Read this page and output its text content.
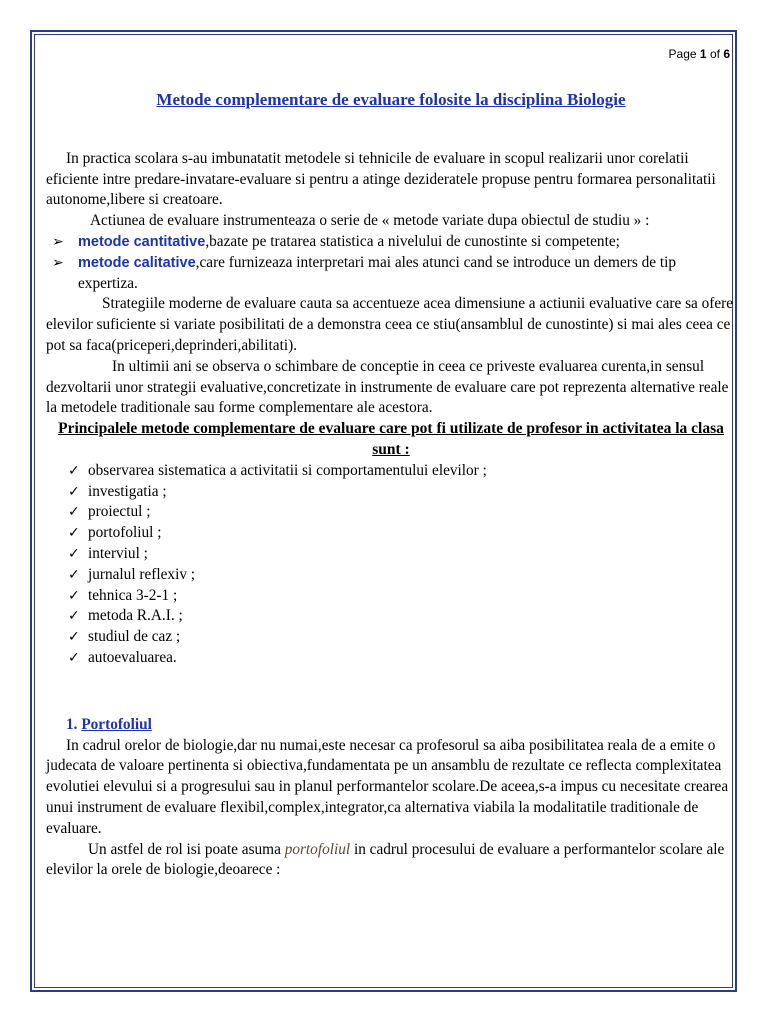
Page 1 of 6
Metode complementare de evaluare folosite la disciplina Biologie

In practica scolara s-au imbunatatit metodele si tehnicile de evaluare in scopul realizarii unor corelatii eficiente intre predare-invatare-evaluare si pentru a atinge dezideratele propuse pentru formarea personalitatii autonome,libere si creatoare.

Actiunea de evaluare instrumenteaza o serie de « metode variate dupa obiectul de studiu » :

➢ metode cantitative,bazate pe tratarea statistica a nivelului de cunostinte si competente;
➢ metode calitative,care furnizeaza interpretari mai ales atunci cand se introduce un demers de tip expertiza.

Strategiile moderne de evaluare cauta sa accentueze acea dimensiune a actiunii evaluative care sa ofere elevilor suficiente si variate posibilitati de a demonstra ceea ce stiu(ansamblul de cunostinte) si mai ales ceea ce pot sa faca(priceperi,deprinderi,abilitati).

In ultimii ani se observa o schimbare de conceptie in ceea ce priveste evaluarea curenta,in sensul dezvoltarii unor strategii evaluative,concretizate in instrumente de evaluare care pot reprezenta alternative reale la metodele traditionale sau forme complementare ale acestora.

Principalele metode complementare de evaluare care pot fi utilizate de profesor in activitatea la clasa sunt :
✓ observarea sistematica a activitatii si comportamentului elevilor ;
✓ investigatia ;
✓ proiectul ;
✓ portofoliul ;
✓ interviul ;
✓ jurnalul reflexiv ;
✓ tehnica 3-2-1 ;
✓ metoda R.A.I. ;
✓ studiul de caz ;
✓ autoevaluarea.
1. Portofoliul

In cadrul orelor de biologie,dar nu numai,este necesar ca profesorul sa aiba posibilitatea reala de a emite o judecata de valoare pertinenta si obiectiva,fundamentata pe un ansamblu de rezultate ce reflecta complexitatea evolutiei elevului si a progresului sau in planul performantelor scolare.De aceea,s-a impus cu necesitate crearea unui instrument de evaluare flexibil,complex,integrator,ca alternativa viabila la modalitatile traditionale de evaluare.

Un astfel de rol isi poate asuma portofoliul in cadrul procesului de evaluare a performantelor scolare ale elevilor la orele de biologie,deoarece :
